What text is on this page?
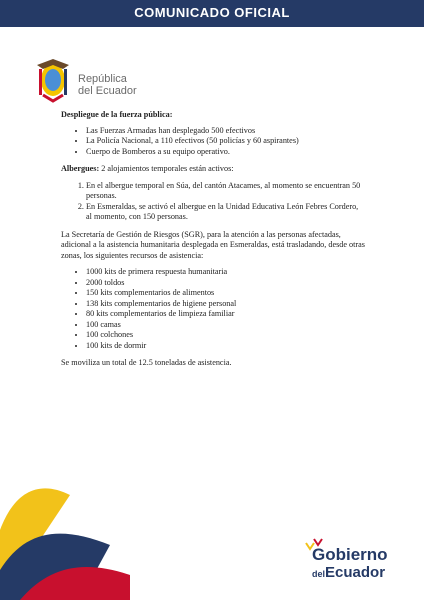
COMUNICADO OFICIAL
República
del Ecuador
Despliegue de la fuerza pública:
• Las Fuerzas Armadas han desplegado 500 efectivos
• La Policía Nacional, a 110 efectivos (50 policías y 60 aspirantes)
• Cuerpo de Bomberos a su equipo operativo.

Albergues: 2 alojamientos temporales están activos:

1. En el albergue temporal en Súa, del cantón Atacames, al momento se encuentran 50 personas.
2. En Esmeraldas, se activó el albergue en la Unidad Educativa León Febres Cordero, al momento, con 150 personas.

La Secretaría de Gestión de Riesgos (SGR), para la atención a las personas afectadas, adicional a la asistencia humanitaria desplegada en Esmeraldas, está trasladando, desde otras zonas, los siguientes recursos de asistencia:

• 1000 kits de primera respuesta humanitaria
• 2000 toldos
• 150 kits complementarios de alimentos
• 138 kits complementarios de higiene personal
• 80 kits complementarios de limpieza familiar
• 100 camas
• 100 colchones
• 100 kits de dormir

Se moviliza un total de 12.5 toneladas de asistencia.

Gobierno
delEcuador
